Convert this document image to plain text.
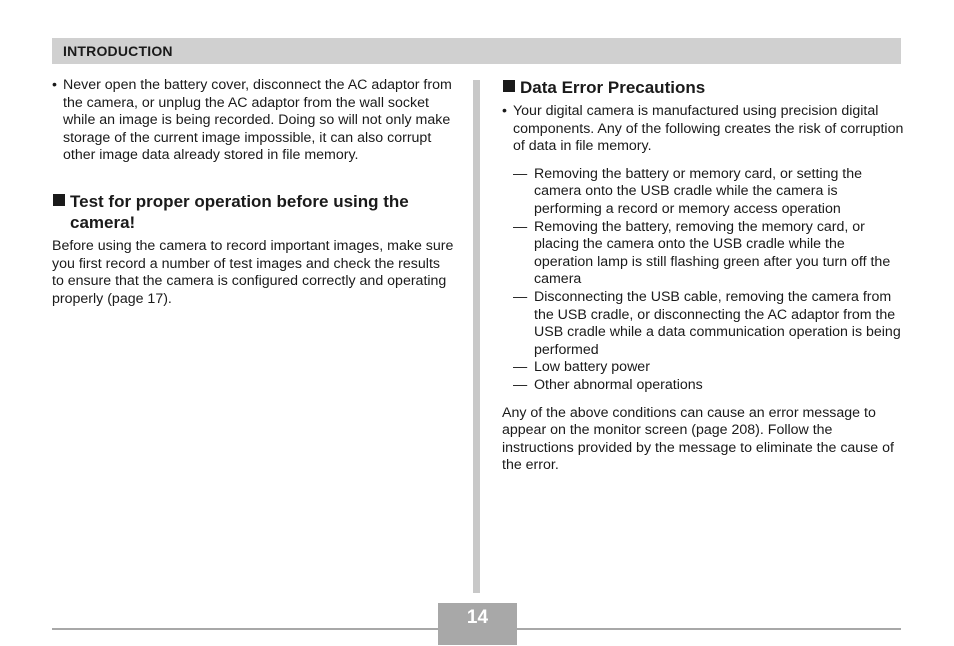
INTRODUCTION
• Never open the battery cover, disconnect the AC adaptor from the camera, or unplug the AC adaptor from the wall socket while an image is being recorded. Doing so will not only make storage of the current image impossible, it can also corrupt other image data already stored in file memory.
Test for proper operation before using the camera!
Before using the camera to record important images, make sure you first record a number of test images and check the results to ensure that the camera is configured correctly and operating properly (page 17).
Data Error Precautions
• Your digital camera is manufactured using precision digital components. Any of the following creates the risk of corruption of data in file memory.
— Removing the battery or memory card, or setting the camera onto the USB cradle while the camera is performing a record or memory access operation
— Removing the battery, removing the memory card, or placing the camera onto the USB cradle while the operation lamp is still flashing green after you turn off the camera
— Disconnecting the USB cable, removing the camera from the USB cradle, or disconnecting the AC adaptor from the USB cradle while a data communication operation is being performed
— Low battery power
— Other abnormal operations
Any of the above conditions can cause an error message to appear on the monitor screen (page 208). Follow the instructions provided by the message to eliminate the cause of the error.
14
